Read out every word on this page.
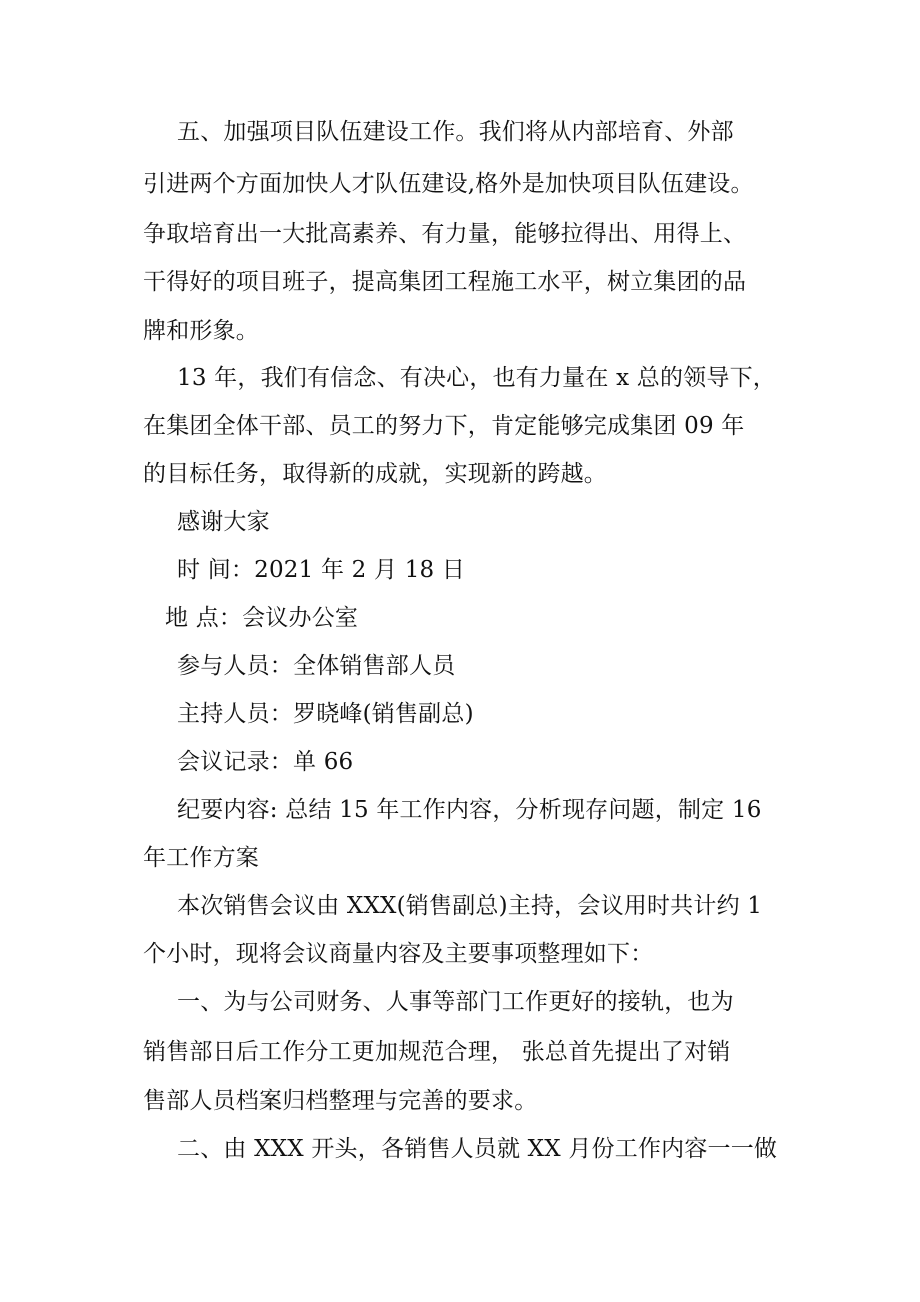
五、加强项目队伍建设工作。我们将从内部培育、外部
引进两个方面加快人才队伍建设,格外是加快项目队伍建设。
争取培育出一大批高素养、有力量，能够拉得出、用得上、
干得好的项目班子，提高集团工程施工水平，树立集团的品
牌和形象。
13 年，我们有信念、有决心，也有力量在 x 总的领导下，
在集团全体干部、员工的努力下，肯定能够完成集团 09 年
的目标任务，取得新的成就，实现新的跨越。
感谢大家
时 间：2021 年 2 月 18 日
地 点：会议办公室
参与人员：全体销售部人员
主持人员：罗晓峰(销售副总)
会议记录：单 66
纪要内容: 总结 15 年工作内容，分析现存问题，制定 16
年工作方案
本次销售会议由 XXX(销售副总)主持，会议用时共计约 1
个小时，现将会议商量内容及主要事项整理如下：
一、为与公司财务、人事等部门工作更好的接轨，也为
销售部日后工作分工更加规范合理， 张总首先提出了对销
售部人员档案归档整理与完善的要求。
二、由 XXX 开头，各销售人员就 XX 月份工作内容一一做
